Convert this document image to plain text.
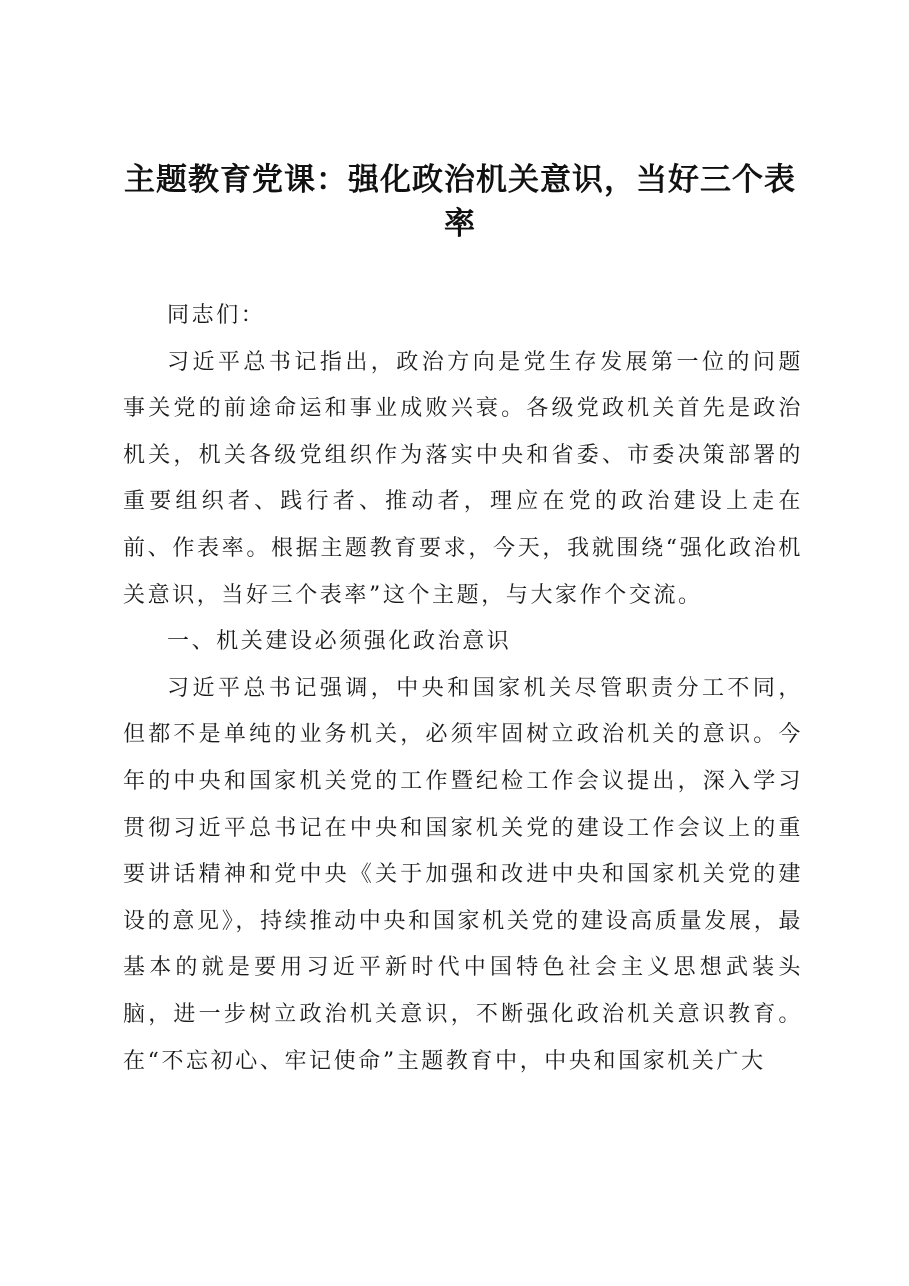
主题教育党课：强化政治机关意识，当好三个表率

同志们：

习近平总书记指出，政治方向是党生存发展第一位的问题事关党的前途命运和事业成败兴衰。各级党政机关首先是政治机关，机关各级党组织作为落实中央和省委、市委决策部署的重要组织者、践行者、推动者，理应在党的政治建设上走在前、作表率。根据主题教育要求，今天，我就围绕“强化政治机关意识，当好三个表率”这个主题，与大家作个交流。

一、机关建设必须强化政治意识

习近平总书记强调，中央和国家机关尽管职责分工不同，但都不是单纯的业务机关，必须牢固树立政治机关的意识。今年的中央和国家机关党的工作暨纪检工作会议提出，深入学习贯彻习近平总书记在中央和国家机关党的建设工作会议上的重要讲话精神和党中央《关于加强和改进中央和国家机关党的建设的意见》，持续推动中央和国家机关党的建设高质量发展，最基本的就是要用习近平新时代中国特色社会主义思想武装头脑，进一步树立政治机关意识，不断强化政治机关意识教育。在“不忘初心、牢记使命”主题教育中，中央和国家机关广大
